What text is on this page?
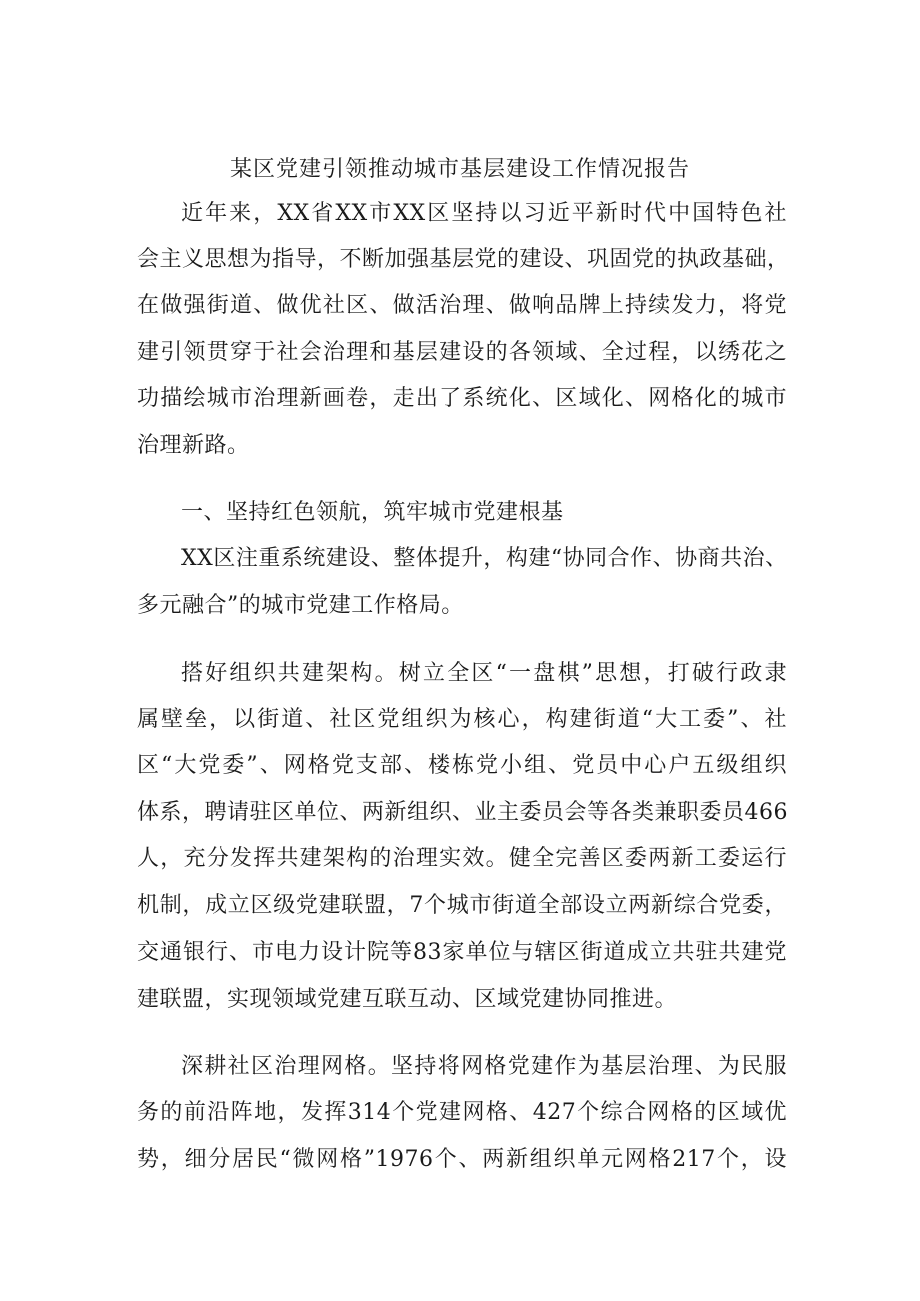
某区党建引领推动城市基层建设工作情况报告

近年来，XX省XX市XX区坚持以习近平新时代中国特色社

会主义思想为指导，不断加强基层党的建设、巩固党的执政基础，

在做强街道、做优社区、做活治理、做响品牌上持续发力，将党

建引领贯穿于社会治理和基层建设的各领域、全过程，以绣花之

功描绘城市治理新画卷，走出了系统化、区域化、网格化的城市

治理新路。

一、坚持红色领航，筑牢城市党建根基

XX区注重系统建设、整体提升，构建“协同合作、协商共治、

多元融合”的城市党建工作格局。

搭好组织共建架构。树立全区“一盘棋”思想，打破行政隶

属壁垒，以街道、社区党组织为核心，构建街道“大工委”、社

区“大党委”、网格党支部、楼栋党小组、党员中心户五级组织

体系，聘请驻区单位、两新组织、业主委员会等各类兼职委员466

人，充分发挥共建架构的治理实效。健全完善区委两新工委运行

机制，成立区级党建联盟，7个城市街道全部设立两新综合党委，

交通银行、市电力设计院等83家单位与辖区街道成立共驻共建党

建联盟，实现领域党建互联互动、区域党建协同推进。

深耕社区治理网格。坚持将网格党建作为基层治理、为民服

务的前沿阵地，发挥314个党建网格、427个综合网格的区域优

势，细分居民“微网格”1976个、两新组织单元网格217个，设
